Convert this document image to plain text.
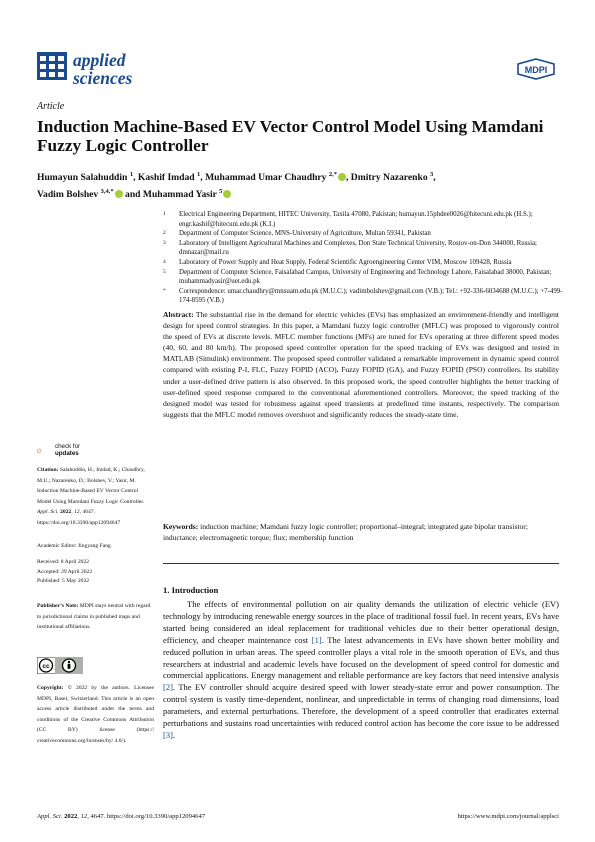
applied
sciences	MDPI
Article
Induction Machine-Based EV Vector Control Model Using Mamdani Fuzzy Logic Controller
Humayun Salahuddin $^1$, Kashif Imdad $^1$, Muhammad Umar Chaudhry $^{2,*}$ , Dmitry Nazarenko $^3$,
Vadim Bolshev $^{3,4,*}$ and Muhammad Yasir $^5$
1 Electrical Engineering Department, HITEC University, Taxila 47080, Pakistan; humayun.15phdee0026@hitecuni.edu.pk (H.S.); engr.kashif@hitecuni.edu.pk (K.I.)
2 Department of Computer Science, MNS-University of Agriculture, Multan 59341, Pakistan
3 Laboratory of Intelligent Agricultural Machines and Complexes, Don State Technical University, Rostov-on-Don 344000, Russia; dmnazar@mail.ru
4 Laboratory of Power Supply and Heat Supply, Federal Scientific Agroengineering Center VIM, Moscow 109428, Russia
5 Department of Computer Science, Faisalabad Campus, University of Engineering and Technology Lahore, Faisalabad 38000, Pakistan; muhammadyasir@uet.edu.pk
* Correspondence: umar.chaudhry@mnsuam.edu.pk (M.U.C.); vadimbolshev@gmail.com (V.B.); Tel.: +92-336-6034688 (M.U.C.); +7-499-174-8595 (V.B.)
Abstract: The substantial rise in the demand for electric vehicles (EVs) has emphasized an environment-friendly and intelligent design for speed control strategies. In this paper, a Mamdani fuzzy logic controller (MFLC) was proposed to vigorously control the speed of EVs at discrete levels. MFLC member functions (MFs) are tuned for EVs operating at three different speed modes (40, 60, and 80 km/h). The proposed speed controller operation for the speed tracking of EVs was designed and tested in MATLAB (Simulink) environment. The proposed speed controller validated a remarkable improvement in dynamic speed control compared with existing P-I, FLC, Fuzzy FOPID (ACO), Fuzzy FOPID (GA), and Fuzzy FOPID (PSO) controllers. Its stability under a user-defined drive pattern is also observed. In this proposed work, the speed controller highlights the better tracking of user-defined speed response compared to the conventional aforementioned controllers. Moreover, the speed tracking of the designed model was tested for robustness against speed transients at predefined time instants, respectively. The comparison suggests that the MFLC model removes overshoot and significantly reduces the steady-state time.
Keywords: induction machine; Mamdani fuzzy logic controller; proportional–integral; integrated gate bipolar transistor; inductance; electromagnetic torque; flux; membership function
1. Introduction
The effects of environmental pollution on air quality demands the utilization of electric vehicle (EV) technology by introducing renewable energy sources in the place of traditional fossil fuel. In recent years, EVs have started being considered an ideal replacement for traditional vehicles due to their better operational design, efficiency, and cheaper maintenance cost [1]. The latest advancements in EVs have shown better mobility and reduced pollution in urban areas. The speed controller plays a vital role in the smooth operation of EVs, and thus researchers at industrial and academic levels have focused on the development of speed control for domestic and commercial applications. Energy management and reliable performance are key factors that need intensive analysis [2]. The EV controller should acquire desired speed with lower steady-state error and power consumption. The control system is vastly time-dependent, nonlinear, and unpredictable in terms of changing road dimensions, load parameters, and external perturbations. Therefore, the development of a speed controller that eradicates external perturbations and sustains road uncertainties with reduced control action has become the core issue to be addressed [3].
check for
updates
Citation: Salahuddin, H.; Imdad, K.; Chaudhry, M.U.; Nazarenko, D.; Bolshev, V.; Yasir, M. Induction Machine-Based EV Vector Control Model Using Mamdani Fuzzy Logic Controller. Appl. Sci. 2022, 12, 4647. https://doi.org/10.3390/app12094647
Academic Editor: Jingyang Fang
Received: 8 April 2022
Accepted: 29 April 2022
Published: 5 May 2022
Publisher’s Note: MDPI stays neutral with regard to jurisdictional claims in published maps and institutional affiliations.
cc
Copyright: © 2022 by the authors. Licensee MDPI, Basel, Switzerland. This article is an open access article distributed under the terms and conditions of the Creative Commons Attribution (CC BY) license (https:// creativecommons.org/licenses/by/ 4.0/).
Appl. Sci. 2022, 12, 4647. https://doi.org/10.3390/app12094647	https://www.mdpi.com/journal/applsci
